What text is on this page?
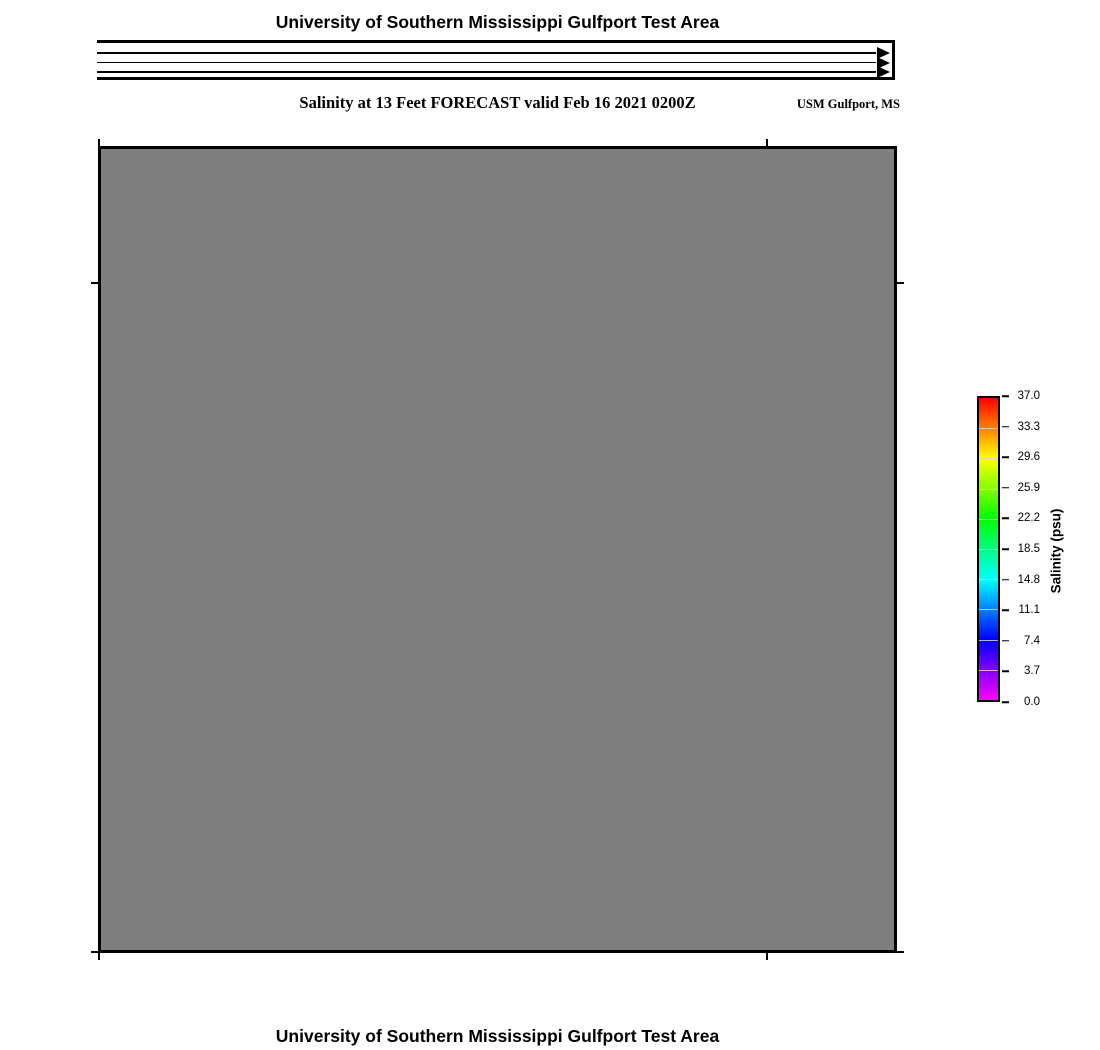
University of Southern Mississippi Gulfport Test Area
Salinity at 13 Feet FORECAST valid Feb 16 2021 0200Z	USM Gulfport, MS
37.0
33.3
29.6
25.9
22.2
18.5
14.8
11.1
7.4
3.7
0.0
Salinity (psu)
University of Southern Mississippi Gulfport Test Area
